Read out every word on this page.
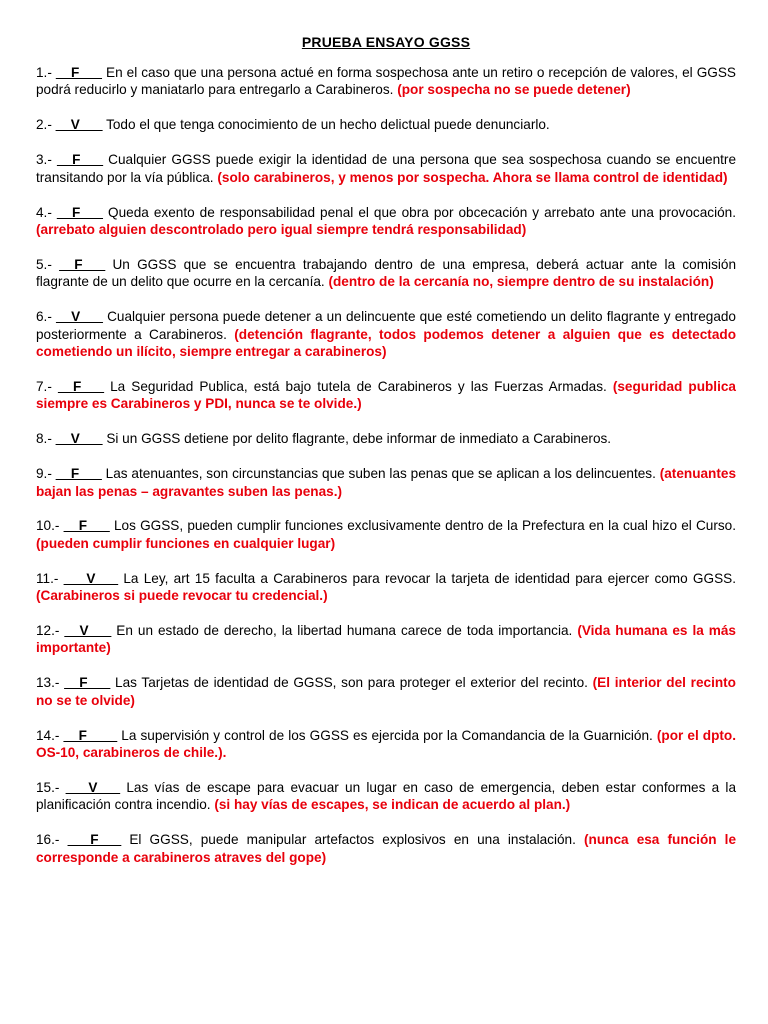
PRUEBA ENSAYO GGSS

1.- __F___ En el caso que una persona actué en forma sospechosa ante un retiro o recepción de valores, el GGSS podrá reducirlo y maniatarlo para entregarlo a Carabineros. (por sospecha no se puede detener)

2.- __V___ Todo el que tenga conocimiento de un hecho delictual puede denunciarlo.

3.- __F___ Cualquier GGSS puede exigir la identidad de una persona que sea sospechosa cuando se encuentre transitando por la vía pública. (solo carabineros, y menos por sospecha. Ahora se llama control de identidad)

4.- __F___ Queda exento de responsabilidad penal el que obra por obcecación y arrebato ante una provocación. (arrebato alguien descontrolado pero igual siempre tendrá responsabilidad)

5.- __F___ Un GGSS que se encuentra trabajando dentro de una empresa, deberá actuar ante la comisión flagrante de un delito que ocurre en la cercanía. (dentro de la cercanía no, siempre dentro de su instalación)

6.- __V___ Cualquier persona puede detener a un delincuente que esté cometiendo un delito flagrante y entregado posteriormente a Carabineros. (detención flagrante, todos podemos detener a alguien que es detectado cometiendo un ilícito, siempre entregar a carabineros)

7.- __F___ La Seguridad Publica, está bajo tutela de Carabineros y las Fuerzas Armadas. (seguridad publica siempre es Carabineros y PDI, nunca se te olvide.)

8.- __V___ Si un GGSS detiene por delito flagrante, debe informar de inmediato a Carabineros.

9.- __F___ Las atenuantes, son circunstancias que suben las penas que se aplican a los delincuentes. (atenuantes bajan las penas – agravantes suben las penas.)

10.- __F___ Los GGSS, pueden cumplir funciones exclusivamente dentro de la Prefectura en la cual hizo el Curso. (pueden cumplir funciones en cualquier lugar)

11.- ___V___ La Ley, art 15 faculta a Carabineros para revocar la tarjeta de identidad para ejercer como GGSS. (Carabineros si puede revocar tu credencial.)

12.- __V___ En un estado de derecho, la libertad humana carece de toda importancia. (Vida humana es la más importante)

13.- __F___ Las Tarjetas de identidad de GGSS, son para proteger el exterior del recinto. (El interior del recinto no se te olvide)

14.- __F____ La supervisión y control de los GGSS es ejercida por la Comandancia de la Guarnición. (por el dpto. OS-10, carabineros de chile.).

15.- ___V___ Las vías de escape para evacuar un lugar en caso de emergencia, deben estar conformes a la planificación contra incendio. (si hay vías de escapes, se indican de acuerdo al plan.)

16.- ___F___ El GGSS, puede manipular artefactos explosivos en una instalación. (nunca esa función le corresponde a carabineros atraves del gope)
